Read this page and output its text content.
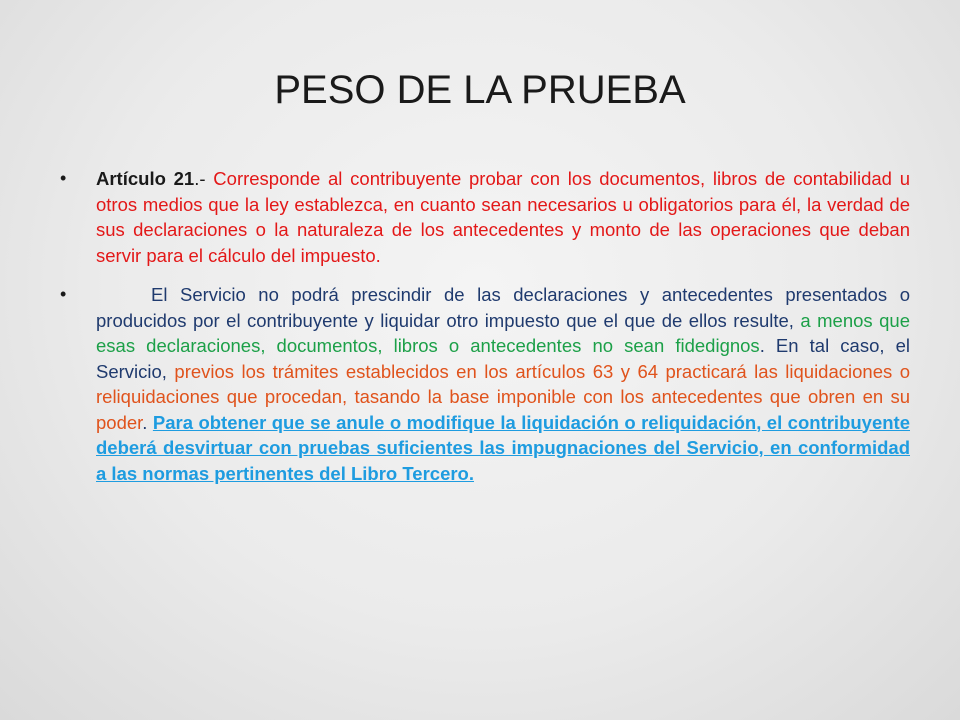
PESO DE LA PRUEBA
• Artículo 21.- Corresponde al contribuyente probar con los documentos, libros de contabilidad u otros medios que la ley establezca, en cuanto sean necesarios u obligatorios para él, la verdad de sus declaraciones o la naturaleza de los antecedentes y monto de las operaciones que deban servir para el cálculo del impuesto.
•	El Servicio no podrá prescindir de las declaraciones y antecedentes presentados o producidos por el contribuyente y liquidar otro impuesto que el que de ellos resulte, a menos que esas declaraciones, documentos, libros o antecedentes no sean fidedignos. En tal caso, el Servicio, previos los trámites establecidos en los artículos 63 y 64 practicará las liquidaciones o reliquidaciones que procedan, tasando la base imponible con los antecedentes que obren en su poder. Para obtener que se anule o modifique la liquidación o reliquidación, el contribuyente deberá desvirtuar con pruebas suficientes las impugnaciones del Servicio, en conformidad a las normas pertinentes del Libro Tercero.
